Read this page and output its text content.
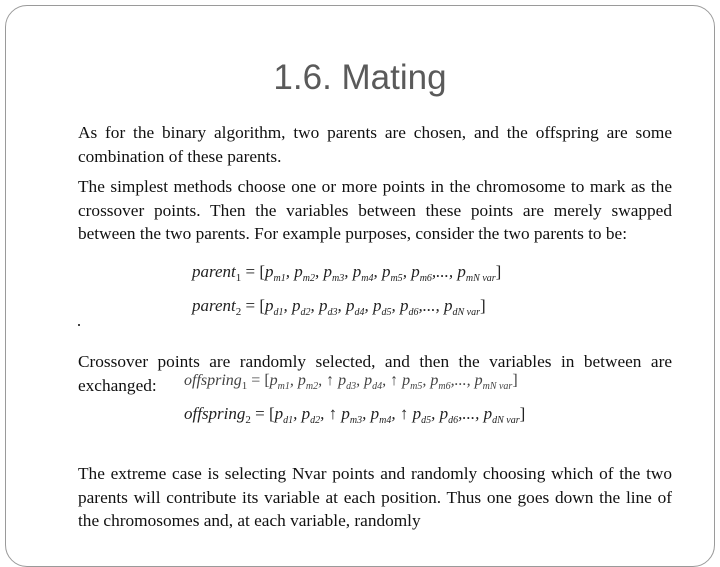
1.6. Mating

As for the binary algorithm, two parents are chosen, and the offspring are some combination of these parents.

The simplest methods choose one or more points in the chromosome to mark as the crossover points. Then the variables between these points are merely swapped between the two parents. For example purposes, consider the two parents to be:

parent$_1$ = [$p_{m1}$, $p_{m2}$, $p_{m3}$, $p_{m4}$, $p_{m5}$, $p_{m6}$,..., $p_{mN var}$]
parent$_2$ = [$p_{d1}$, $p_{d2}$, $p_{d3}$, $p_{d4}$, $p_{d5}$, $p_{d6}$,..., $p_{dN var}$]

Crossover points are randomly selected, and then the variables in between are exchanged:	offspring$_1$ = [$p_{m1}$, $p_{m2}$, ↑ $p_{d3}$, $p_{d4}$, ↑ $p_{m5}$, $p_{m6}$,..., $p_{mN var}$]
offspring$_2$ = [$p_{d1}$, $p_{d2}$, ↑ $p_{m3}$, $p_{m4}$, ↑ $p_{d5}$, $p_{d6}$,..., $p_{dN var}$]

The extreme case is selecting Nvar points and randomly choosing which of the two parents will contribute its variable at each position. Thus one goes down the line of the chromosomes and, at each variable, randomly
